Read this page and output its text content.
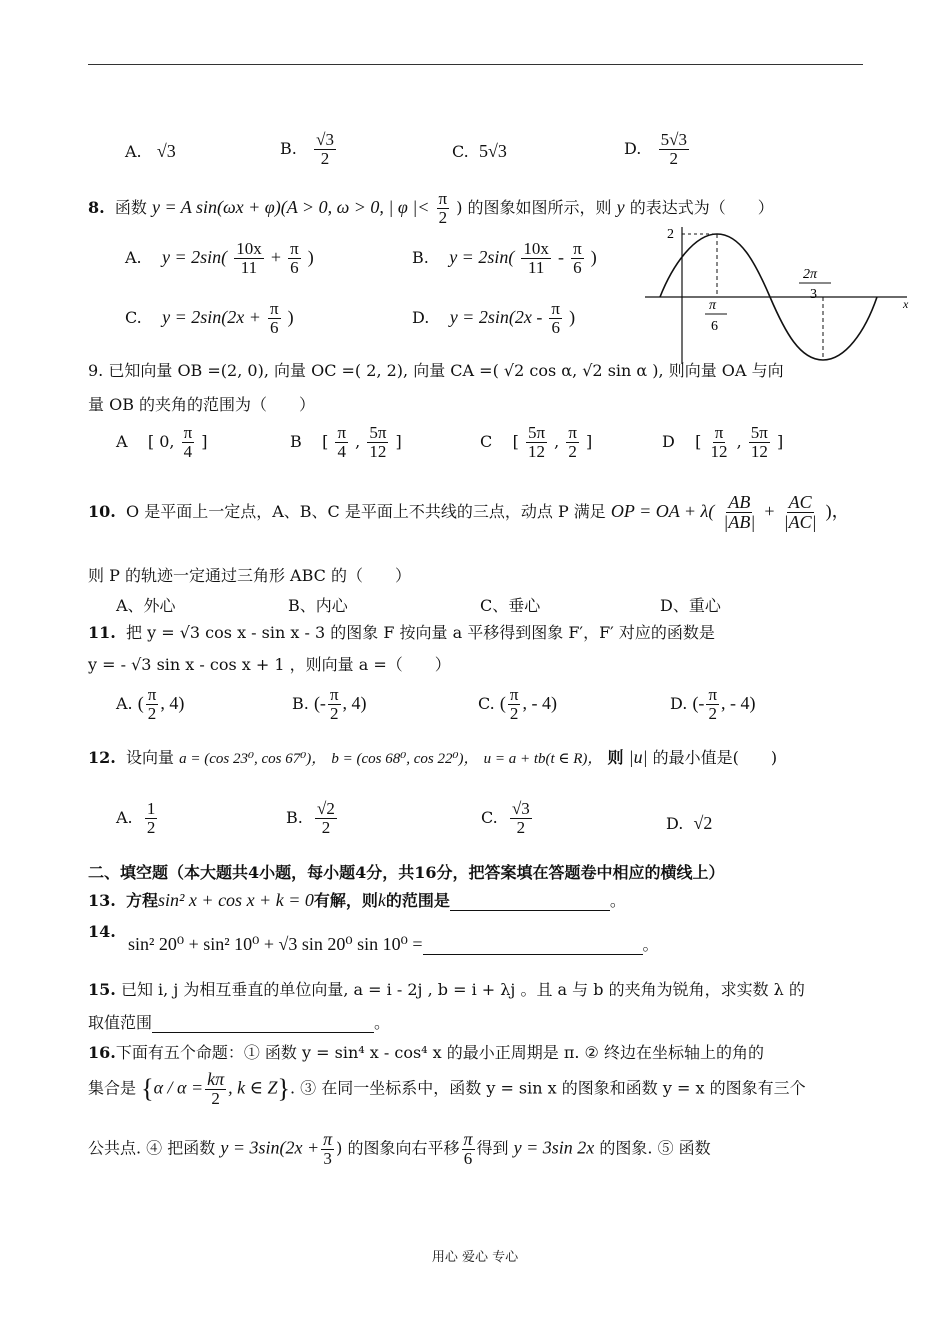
A. √3	B. $\frac{√3}{2}$	C. 5√3	D. $\frac{5√3}{2}$
8. 函数 y = A sin(ωx + φ)(A > 0, ω > 0, | φ |< $\frac{\pi}{2}$ ) 的图象如图所示，则 y 的表达式为（　　）
A. $y = 2\sin( \frac{10x}{11} + \frac{\pi}{6}$ )	B. $y = 2\sin( \frac{10x}{11} - \frac{\pi}{6}$ )
C. $y = 2\sin(2x + \frac{\pi}{6}$ )	D. $y = 2\sin(2x - \frac{\pi}{6}$ )
2
x
π
6
2π
3
9. 已知向量 OB =(2, 0), 向量 OC =( 2, 2), 向量 CA =( √2 cos α, √2 sin α ), 则向量 OA 与向
量 OB 的夹角的范围为（　　）
A [ 0, $\frac{\pi}{4}$ ]	B [ $\frac{\pi}{4}$ , $\frac{5\pi}{12}$ ]	C [ $\frac{5\pi}{12}$ , $\frac{\pi}{2}$ ]	D [ $\frac{\pi}{12}$ , $\frac{5\pi}{12}$ ]
10. O 是平面上一定点，A、B、C 是平面上不共线的三点，动点 P 满足 OP = OA + $\lambda( \frac{AB}{|AB|} + \frac{AC}{|AC|}$ )，
则 P 的轨迹一定通过三角形 ABC 的（　　）
A、外心	B、内心	C、垂心	D、重心
11. 把 y = √3 cos x - sin x - 3 的图象 F 按向量 a 平移得到图象 F′，F′ 对应的函数是
y = - √3 sin x - cos x + 1 ，则向量 a =（　　）
A. ( $\frac{\pi}{2}$ , 4)	B. (- $\frac{\pi}{2}$ , 4)	C. ( $\frac{\pi}{2}$ , - 4)	D. (- $\frac{\pi}{2}$ , - 4)
12. 设向量 a = (cos 23⁰, cos 67⁰)， b = (cos 68⁰, cos 22⁰)， u = a + tb(t ∈ R)， 则 |u| 的最小值是(　　)
A. $\frac{1}{2}$	B. $\frac{√2}{2}$	C. $\frac{√3}{2}$	D. √2
二、填空题（本大题共4小题，每小题4分，共16分，把答案填在答题卷中相应的横线上）
13. 方程sin² x + cos x + k = 0有解，则k的范围是	。
14.
sin² 20⁰ + sin² 10⁰ + √3 sin 20⁰ sin 10⁰ =	。
15. 已知 i, j 为相互垂直的单位向量, a = i - 2j , b = i + λj 。且 a 与 b 的夹角为锐角，求实数 λ 的
取值范围	。
16.下面有五个命题：① 函数 y = sin⁴ x - cos⁴ x 的最小正周期是 π. ② 终边在坐标轴上的角的
集合是 {$\alpha / \alpha = \frac{k\pi}{2}$ , k ∈ Z}. ③ 在同一坐标系中，函数 y = sin x 的图象和函数 y = x 的图象有三个
公共点. ④ 把函数 $y = 3\sin(2x + \frac{\pi}{3}$ ) 的图象向右平移 $\frac{\pi}{6}$ 得到 y = 3sin 2x 的图象. ⑤ 函数
用心 爱心 专心
